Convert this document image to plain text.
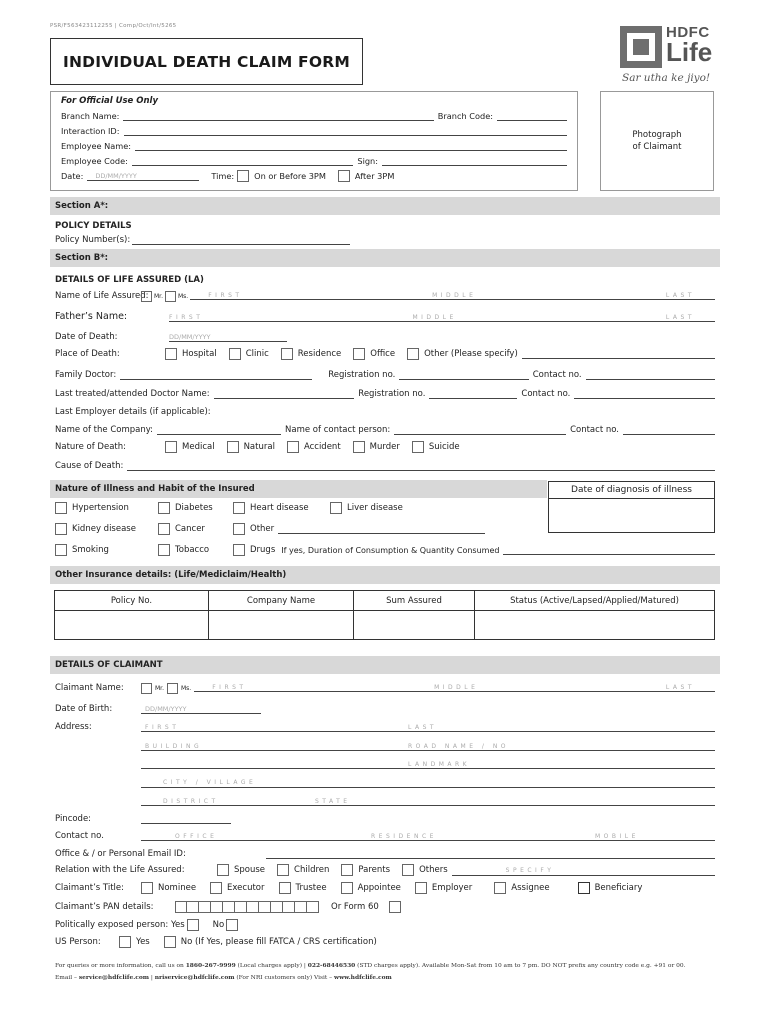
PSR/F563423112255 | Comp/Oct/Int/5265
INDIVIDUAL DEATH CLAIM FORM
HDFC
Life
Sar utha ke jiyo!
For Official Use Only
Branch Name:	Branch Code:
Interaction ID:
Employee Name:
Employee Code:	Sign:
Date:	DD/MM/YYYY	Time: On or Before 3PM	After 3PM
Photograph
of Claimant
Section A*:
POLICY DETAILS
Policy Number(s):
Section B*:
DETAILS OF LIFE ASSURED (LA)
Name of Life Assured: Mr.	Ms.	FIRST	MIDDLE	LAST
Father’s Name:	FIRST	MIDDLE	LAST
Date of Death:	DD/MM/YYYY
Place of Death:	Hospital	Clinic	Residence	Office	Other (Please specify)
Family Doctor:	Registration no.	Contact no.
Last treated/attended Doctor Name:	Registration no.	Contact no.
Last Employer details (if applicable):
Name of the Company:	Name of contact person:	Contact no.
Nature of Death:	Medical	Natural	Accident	Murder	Suicide
Cause of Death:
Nature of Illness and Habit of the Insured	Date of diagnosis of illness
Hypertension	Diabetes	Heart disease	Liver disease
Kidney disease	Cancer	Other
Smoking	Tobacco	Drugs If yes, Duration of Consumption & Quantity Consumed
Other Insurance details: (Life/Mediclaim/Health)
Policy No.	Company Name	Sum Assured	Status (Active/Lapsed/Applied/Matured)

DETAILS OF CLAIMANT
Claimant Name:	Mr.	Ms.	FIRST	MIDDLE	LAST
Date of Birth:	DD/MM/YYYY
Address:	FIRST	LAST
BUILDING	ROAD NAME / NO
LANDMARK
CITY / VILLAGE
DISTRICT	STATE
Pincode:
Contact no.	OFFICE	RESIDENCE	MOBILE
Office & / or Personal Email ID:
Relation with the Life Assured:	Spouse	Children	Parents	Others	SPECIFY
Claimant’s Title:	Nominee	Executor	Trustee	Appointee	Employer	Assignee	Beneficiary
Claimant’s PAN details:	Or Form 60
Politically exposed person: Yes	No
US Person:	Yes	No (If Yes, please fill FATCA / CRS certification)
For queries or more information, call us on 1860-267-9999 (Local charges apply) | 022-68446530 (STD charges apply). Available Mon-Sat from 10 am to 7 pm. DO NOT prefix any country code e.g. +91 or 00.
Email – service@hdfclife.com | nriservice@hdfclife.com (For NRI customers only) Visit – www.hdfclife.com
